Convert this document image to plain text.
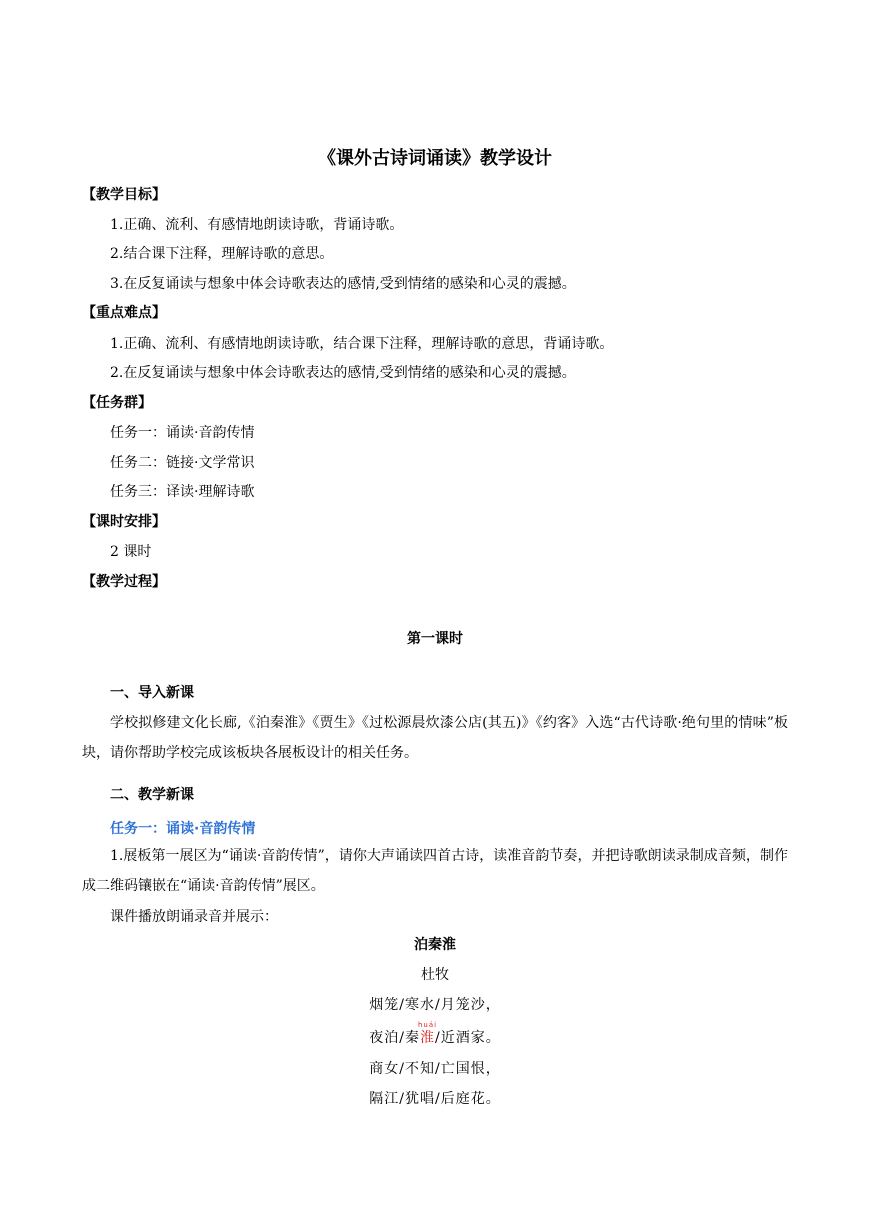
《课外古诗词诵读》教学设计
【教学目标】
1.正确、流利、有感情地朗读诗歌，背诵诗歌。
2.结合课下注释，理解诗歌的意思。
3.在反复诵读与想象中体会诗歌表达的感情,受到情绪的感染和心灵的震撼。
【重点难点】
1.正确、流利、有感情地朗读诗歌，结合课下注释，理解诗歌的意思，背诵诗歌。
2.在反复诵读与想象中体会诗歌表达的感情,受到情绪的感染和心灵的震撼。
【任务群】
任务一：诵读·音韵传情
任务二：链接·文学常识
任务三：译读·理解诗歌
【课时安排】
2 课时
【教学过程】
第一课时
一、导入新课
学校拟修建文化长廊,《泊秦淮》《贾生》《过松源晨炊漆公店(其五)》《约客》入选“古代诗歌·绝句里的情味”板块，请你帮助学校完成该板块各展板设计的相关任务。
二、教学新课
任务一：诵读·音韵传情
1.展板第一展区为“诵读·音韵传情”，请你大声诵读四首古诗，读准音韵节奏，并把诗歌朗读录制成音频，制作成二维码镶嵌在“诵读·音韵传情”展区。
课件播放朗诵录音并展示：
泊秦淮
杜牧
烟笼/寒水/月笼沙，
夜泊/秦淮
huái
/近酒家。
商女/不知/亡国恨，
隔江/犹唱/后庭花。
